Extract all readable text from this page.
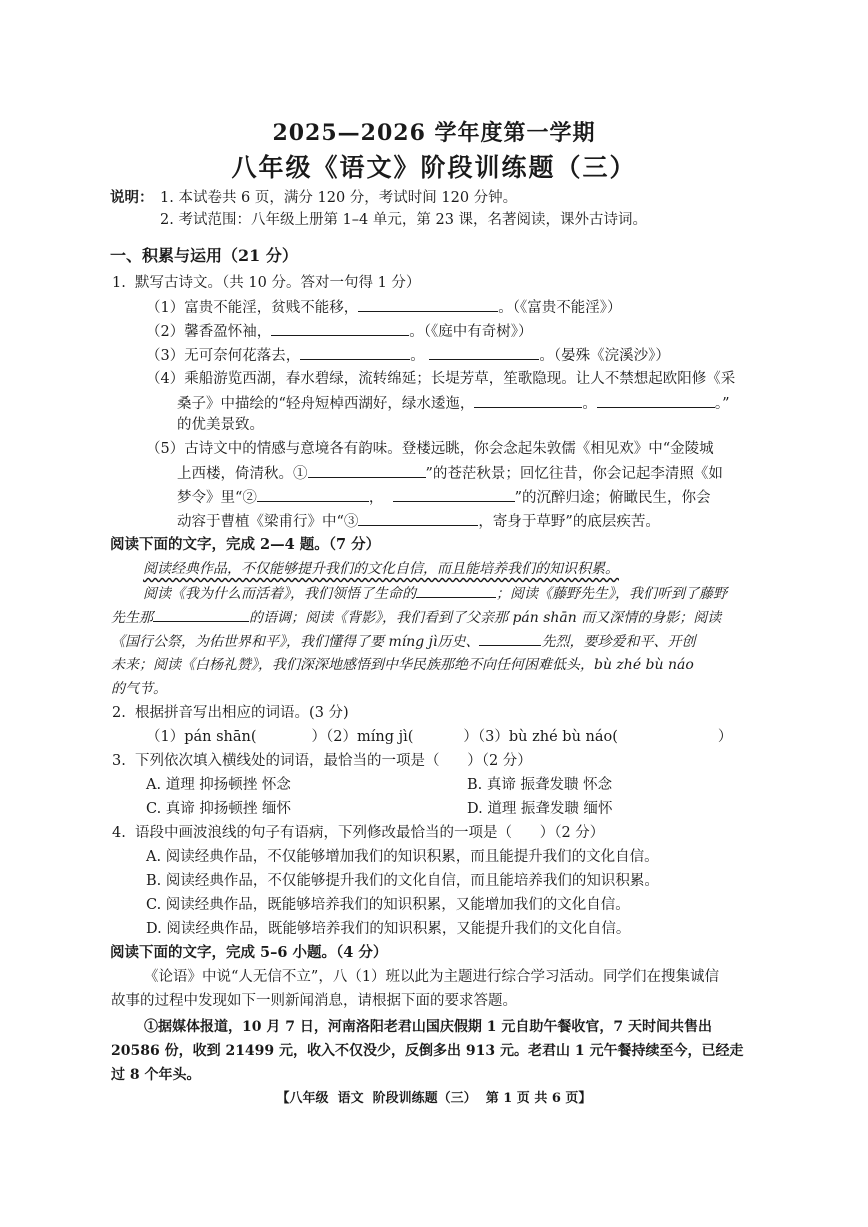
2025—2026 学年度第一学期
八年级《语文》阶段训练题（三）
说明： 1. 本试卷共 6 页，满分 120 分，考试时间 120 分钟。
2. 考试范围：八年级上册第 1–4 单元，第 23 课，名著阅读，课外古诗词。
一、积累与运用（21 分）
1.  默写古诗文。（共 10 分。答对一句得 1 分）
（1）富贵不能淫，贫贱不能移，	。（《富贵不能淫》）
（2）馨香盈怀袖，	。（《庭中有奇树》）
（3）无可奈何花落去，	。	。（晏殊《浣溪沙》）
（4）乘船游览西湖，春水碧绿，流转绵延；长堤芳草，笙歌隐现。让人不禁想起欧阳修《采
桑子》中描绘的“轻舟短棹西湖好，绿水逶迤，	。	。”
的优美景致。
（5）古诗文中的情感与意境各有韵味。登楼远眺，你会念起朱敦儒《相见欢》中“金陵城
上西楼，倚清秋。①	”的苍茫秋景；回忆往昔，你会记起李清照《如
梦令》里“②	，	”的沉醉归途；俯瞰民生，你会
动容于曹植《梁甫行》中“③	，寄身于草野”的底层疾苦。
阅读下面的文字，完成 2—4 题。（7 分）
阅读经典作品，不仅能够提升我们的文化自信，而且能培养我们的知识积累。
阅读《我为什么而活着》，我们领悟了生命的	；阅读《藤野先生》，我们听到了藤野
先生那	的语调；阅读《背影》，我们看到了父亲那 pán shān 而又深情的身影；阅读
《国行公祭，为佑世界和平》，我们懂得了要 míng jì历史、	先烈，要珍爱和平、开创
未来；阅读《白杨礼赞》，我们深深地感悟到中华民族那绝不向任何困难低头，bù zhé bù náo
的气节。
2.  根据拼音写出相应的词语。(3 分)
（1）pán shān(	）（2）míng jì(	）（3）bù zhé bù náo(	）
3.  下列依次填入横线处的词语，最恰当的一项是（      ）（2 分）
A. 道理 抑扬顿挫 怀念	B. 真谛 振聋发聩 怀念
C. 真谛 抑扬顿挫 缅怀	D. 道理 振聋发聩 缅怀
4.  语段中画波浪线的句子有语病，下列修改最恰当的一项是（      ）（2 分）
A. 阅读经典作品，不仅能够增加我们的知识积累，而且能提升我们的文化自信。
B. 阅读经典作品，不仅能够提升我们的文化自信，而且能培养我们的知识积累。
C. 阅读经典作品，既能够培养我们的知识积累，又能增加我们的文化自信。
D. 阅读经典作品，既能够培养我们的知识积累，又能提升我们的文化自信。
阅读下面的文字，完成 5–6 小题。（4 分）
《论语》中说“人无信不立”，八（1）班以此为主题进行综合学习活动。同学们在搜集诚信
故事的过程中发现如下一则新闻消息，请根据下面的要求答题。
①据媒体报道，10 月 7 日，河南洛阳老君山国庆假期 1 元自助午餐收官，7 天时间共售出
20586 份，收到 21499 元，收入不仅没少，反倒多出 913 元。老君山 1 元午餐持续至今，已经走
过 8 个年头。
【八年级  语文  阶段训练题（三）  第 1 页 共 6 页】
